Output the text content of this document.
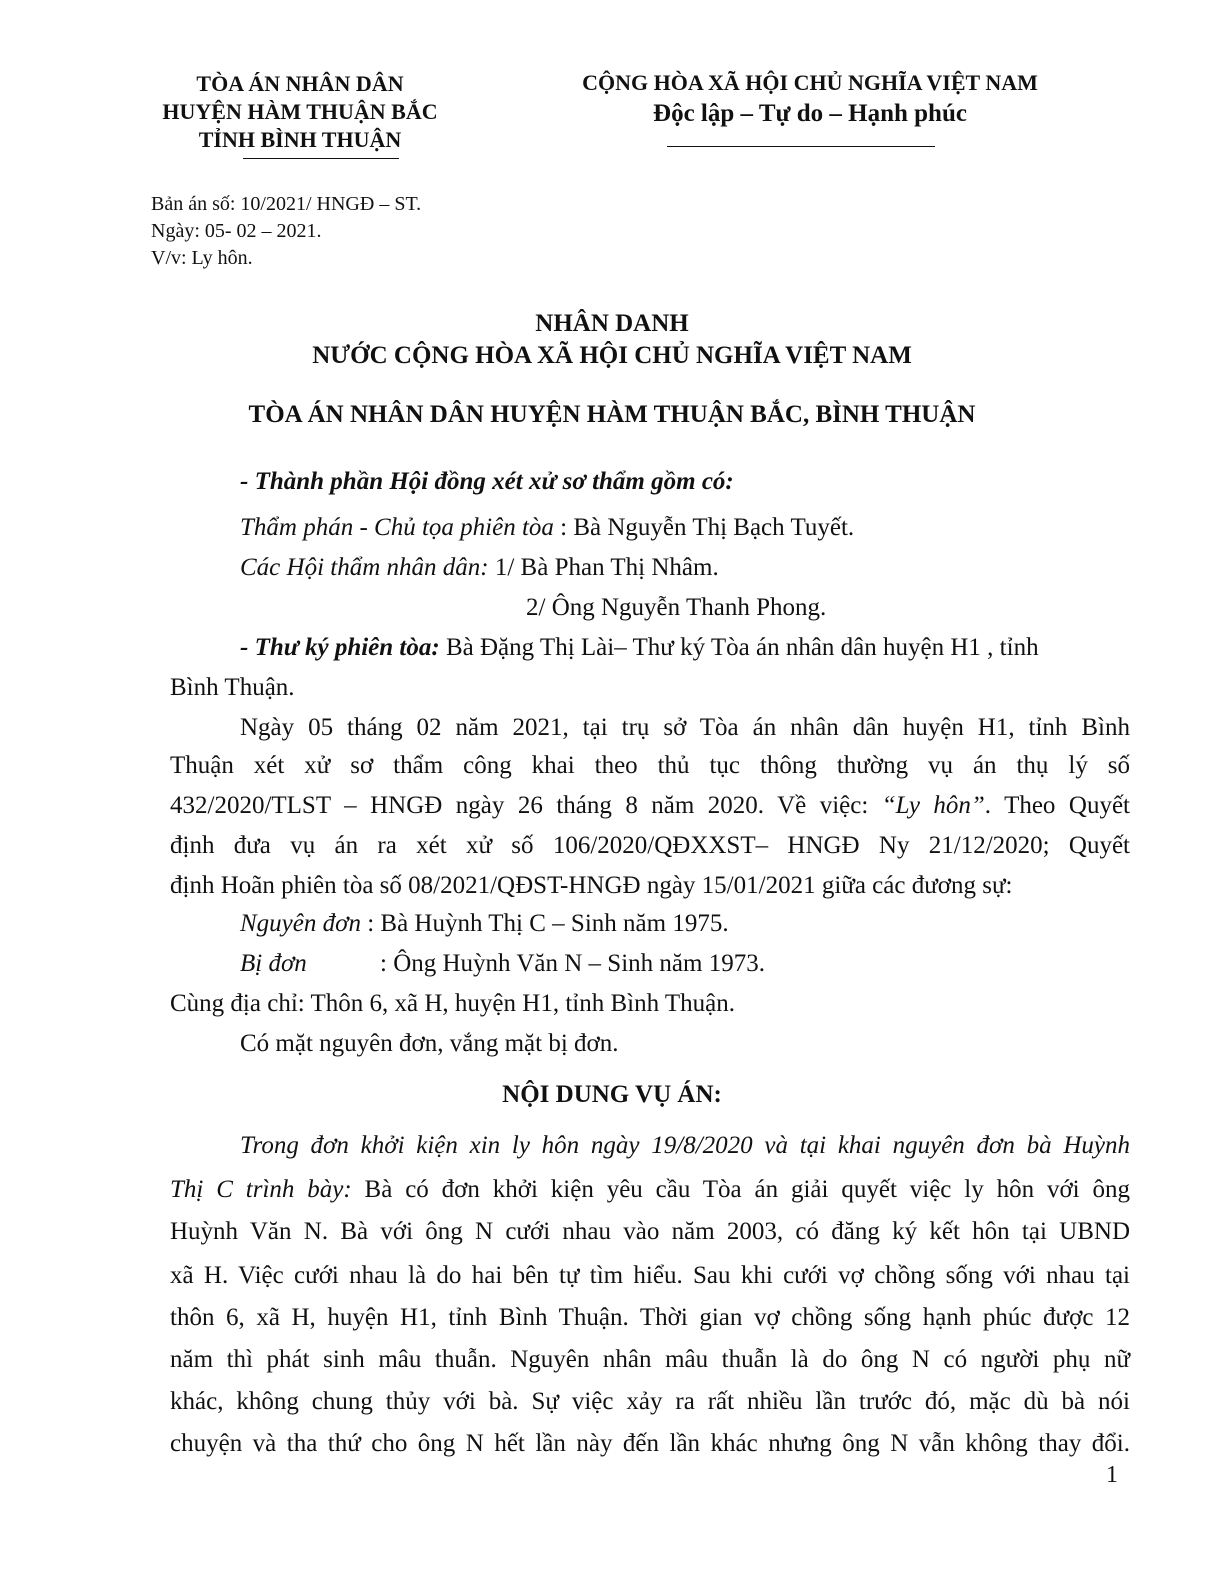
TÒA ÁN NHÂN DÂN
HUYỆN HÀM THUẬN BẮC
TỈNH BÌNH THUẬN
CỘNG HÒA XÃ HỘI CHỦ NGHĨA VIỆT NAM
Độc lập – Tự do – Hạnh phúc
Bản án số: 10/2021/ HNGĐ – ST.
Ngày: 05- 02 – 2021.
V/v: Ly hôn.
NHÂN DANH
NƯỚC CỘNG HÒA XÃ HỘI CHỦ NGHĨA VIỆT NAM
TÒA ÁN NHÂN DÂN HUYỆN HÀM THUẬN BẮC, BÌNH THUẬN
- Thành phần Hội đồng xét xử sơ thẩm gồm có:
Thẩm phán - Chủ tọa phiên tòa : Bà Nguyễn Thị Bạch Tuyết.
Các Hội thẩm nhân dân: 1/ Bà Phan Thị Nhâm.
2/ Ông Nguyễn Thanh Phong.
- Thư ký phiên tòa: Bà Đặng Thị Lài– Thư ký Tòa án nhân dân huyện H1 , tỉnh
Bình Thuận.
Ngày 05 tháng 02 năm 2021, tại trụ sở Tòa án nhân dân huyện H1, tỉnh Bình
Thuận xét xử sơ thẩm công khai theo thủ tục thông thường vụ án thụ lý số
432/2020/TLST – HNGĐ ngày 26 tháng 8 năm 2020. Về việc: “Ly hôn”. Theo Quyết
định đưa vụ án ra xét xử số 106/2020/QĐXXST– HNGĐ Ny 21/12/2020; Quyết
định Hoãn phiên tòa số 08/2021/QĐST-HNGĐ ngày 15/01/2021 giữa các đương sự:
Nguyên đơn : Bà Huỳnh Thị C – Sinh năm 1975.
Bị đơn	: Ông Huỳnh Văn N – Sinh năm 1973.
Cùng địa chỉ: Thôn 6, xã H, huyện H1, tỉnh Bình Thuận.
Có mặt nguyên đơn, vắng mặt bị đơn.
NỘI DUNG VỤ ÁN:
Trong đơn khởi kiện xin ly hôn ngày 19/8/2020 và tại khai nguyên đơn bà Huỳnh
Thị C trình bày: Bà có đơn khởi kiện yêu cầu Tòa án giải quyết việc ly hôn với ông
Huỳnh Văn N. Bà với ông N cưới nhau vào năm 2003, có đăng ký kết hôn tại UBND
xã H. Việc cưới nhau là do hai bên tự tìm hiểu. Sau khi cưới vợ chồng sống với nhau tại
thôn 6, xã H, huyện H1, tỉnh Bình Thuận. Thời gian vợ chồng sống hạnh phúc được 12
năm thì phát sinh mâu thuẫn. Nguyên nhân mâu thuẫn là do ông N có người phụ nữ
khác, không chung thủy với bà. Sự việc xảy ra rất nhiều lần trước đó, mặc dù bà nói
chuyện và tha thứ cho ông N hết lần này đến lần khác nhưng ông N vẫn không thay đổi.
1
